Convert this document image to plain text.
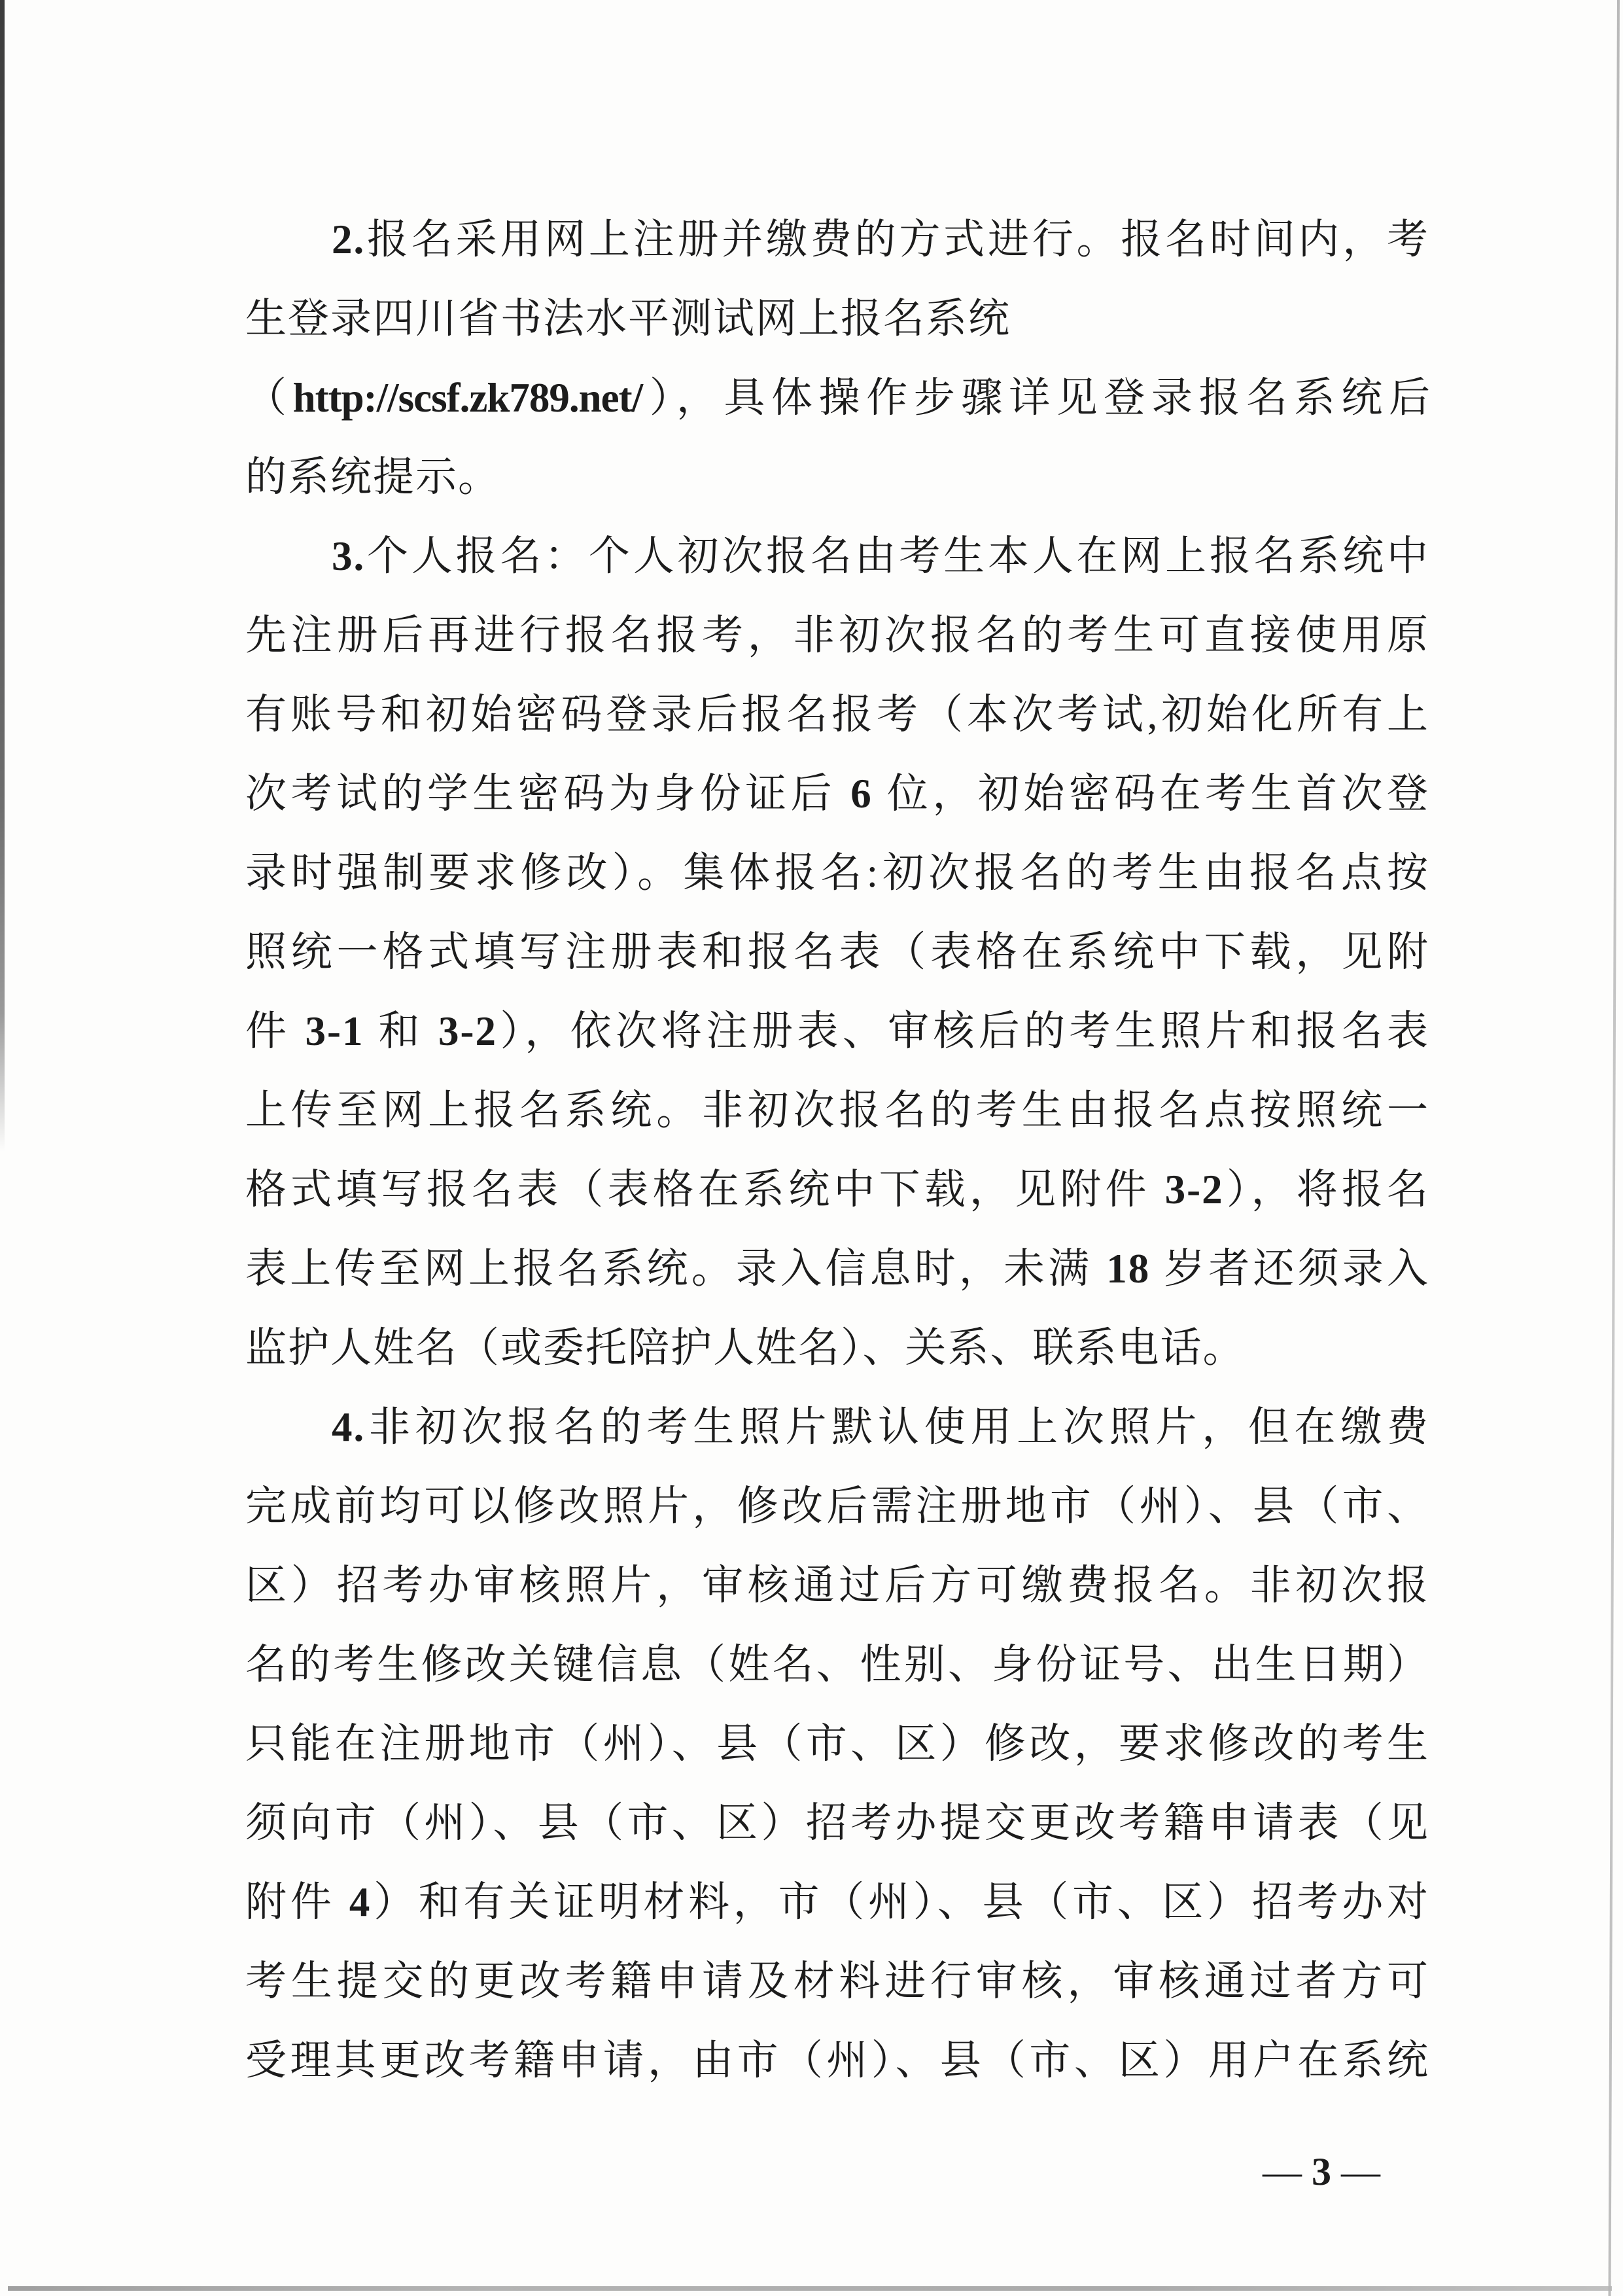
2.报名采用网上注册并缴费的方式进行。报名时间内，考
生登录四川省书法水平测试网上报名系统
（http://scsf.zk789.net/），具体操作步骤详见登录报名系统后
的系统提示。
3.个人报名：个人初次报名由考生本人在网上报名系统中
先注册后再进行报名报考，非初次报名的考生可直接使用原
有账号和初始密码登录后报名报考（本次考试,初始化所有上
次考试的学生密码为身份证后 6 位，初始密码在考生首次登
录时强制要求修改）。集体报名:初次报名的考生由报名点按
照统一格式填写注册表和报名表（表格在系统中下载，见附
件 3-1 和 3-2），依次将注册表、审核后的考生照片和报名表
上传至网上报名系统。非初次报名的考生由报名点按照统一
格式填写报名表（表格在系统中下载，见附件 3-2），将报名
表上传至网上报名系统。录入信息时，未满 18 岁者还须录入
监护人姓名（或委托陪护人姓名）、关系、联系电话。
4.非初次报名的考生照片默认使用上次照片，但在缴费
完成前均可以修改照片，修改后需注册地市（州）、县（市、
区）招考办审核照片，审核通过后方可缴费报名。非初次报
名的考生修改关键信息（姓名、性别、身份证号、出生日期）
只能在注册地市（州）、县（市、区）修改，要求修改的考生
须向市（州）、县（市、区）招考办提交更改考籍申请表（见
附件 4）和有关证明材料，市（州）、县（市、区）招考办对
考生提交的更改考籍申请及材料进行审核，审核通过者方可
受理其更改考籍申请，由市（州）、县（市、区）用户在系统
— 3 —
